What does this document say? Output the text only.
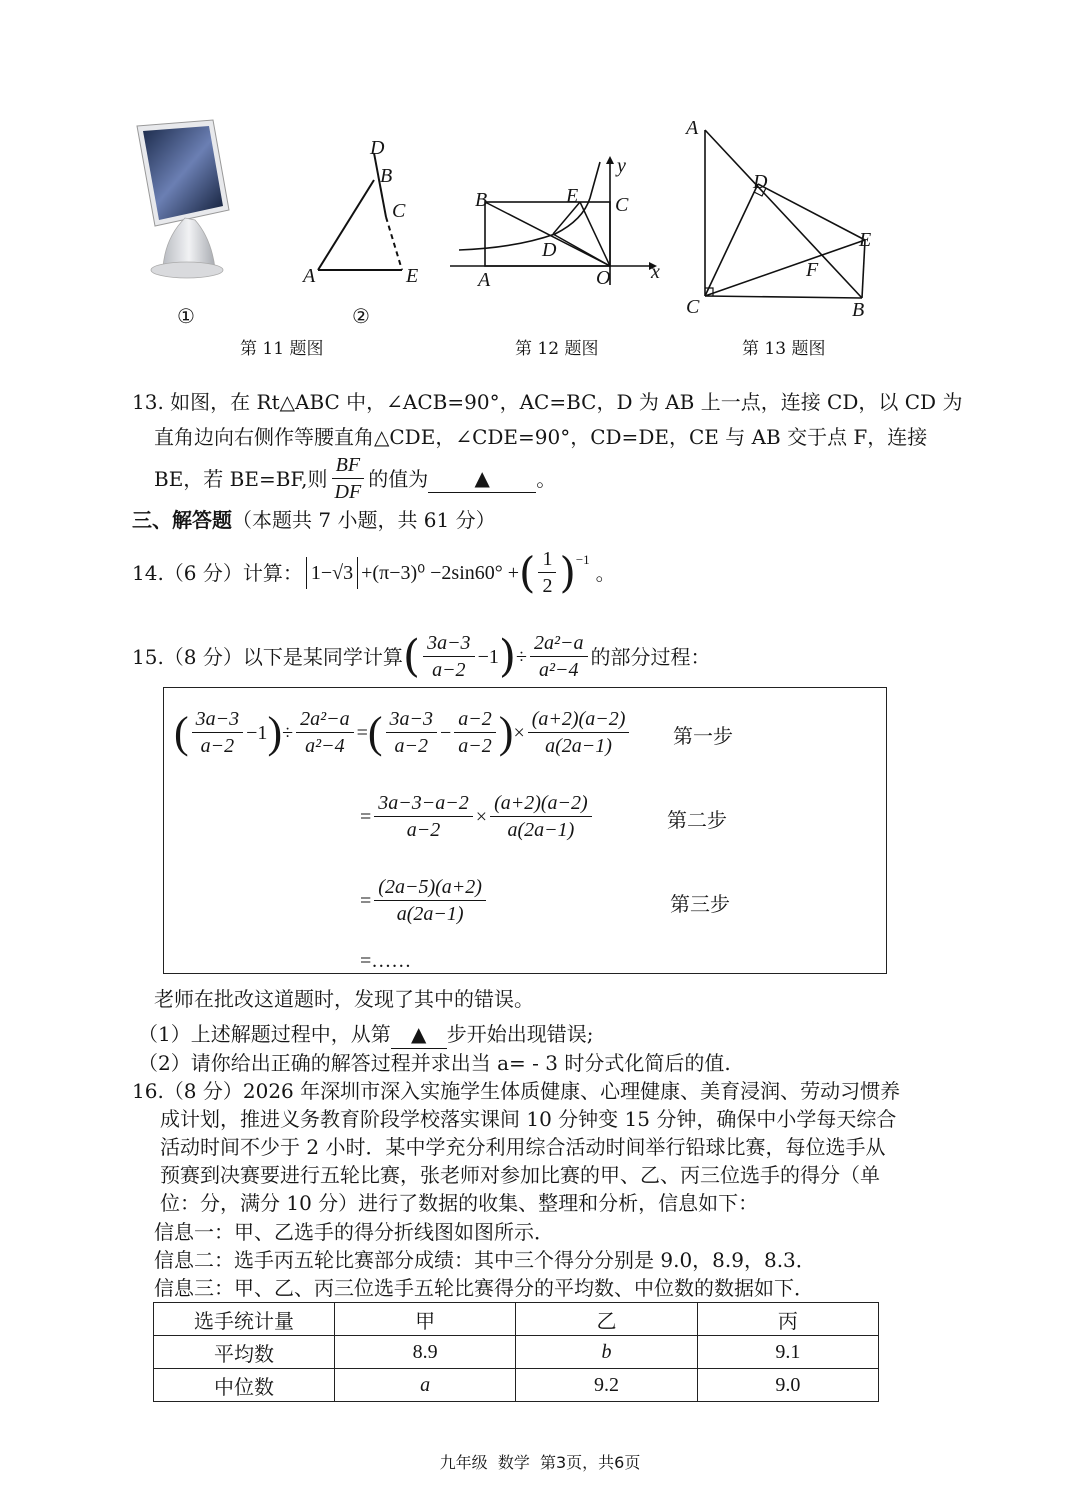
①
D
B
C
A	E
②
第 11 题图
B	E C
D
A	O x
y
第 12 题图
A
D
E
F
C	B
第 13 题图
13. 如图，在 Rt△ABC 中，∠ACB=90°，AC=BC，D 为 AB 上一点，连接 CD，以 CD 为
直角边向右侧作等腰直角△CDE，∠CDE=90°，CD=DE，CE 与 AB 交于点 F，连接
BE，若 BE=BF,则 $\frac{BF}{DF}$ 的值为	▲	。
三、解答题（本题共 7 小题，共 61 分）
14.（6 分）计算： 1−√3 +(π−3)⁰ −2sin60° + ( $\frac{1}{2}$ ) −1
。
15.（8 分）以下是某同学计算 ( $\frac{3a-3}{a-2} -1$ ) ÷ $\frac{\text{2a²−a}}{\text{a²−4}}$ 的部分过程：
( $\frac{3a-3}{a-2} -1$ ) ÷ $\frac{\text{2a²−a}}{\text{a²−4}}$ = ( $\frac{3a-3}{a-2} - \frac{a-2}{a-2}$ ) × $\frac{(a+2)(a-2)}{a(2a-1)}$ 第一步
= $\frac{3a-3-a-2}{a-2} \times \frac{(a+2)(a-2)}{a(2a-1)}$	第二步
= $\frac{(2a-5)(a+2)}{a(2a-1)}$	第三步
=……
老师在批改这道题时，发现了其中的错误。
（1）上述解题过程中，从第 ▲ 步开始出现错误;
（2）请你给出正确的解答过程并求出当 a= - 3 时分式化简后的值.
16.（8 分）2026 年深圳市深入实施学生体质健康、心理健康、美育浸润、劳动习惯养
成计划，推进义务教育阶段学校落实课间 10 分钟变 15 分钟，确保中小学每天综合
活动时间不少于 2 小时．某中学充分利用综合活动时间举行铅球比赛，每位选手从
预赛到决赛要进行五轮比赛，张老师对参加比赛的甲、乙、丙三位选手的得分（单
位：分，满分 10 分）进行了数据的收集、整理和分析，信息如下：
信息一：甲、乙选手的得分折线图如图所示．
信息二：选手丙五轮比赛部分成绩：其中三个得分分别是 9.0，8.9，8.3．
信息三：甲、乙、丙三位选手五轮比赛得分的平均数、中位数的数据如下．
选手统计量	甲	乙	丙
平均数	8.9	b	9.1
中位数	a	9.2	9.0
九年级  数学  第3页，共6页
